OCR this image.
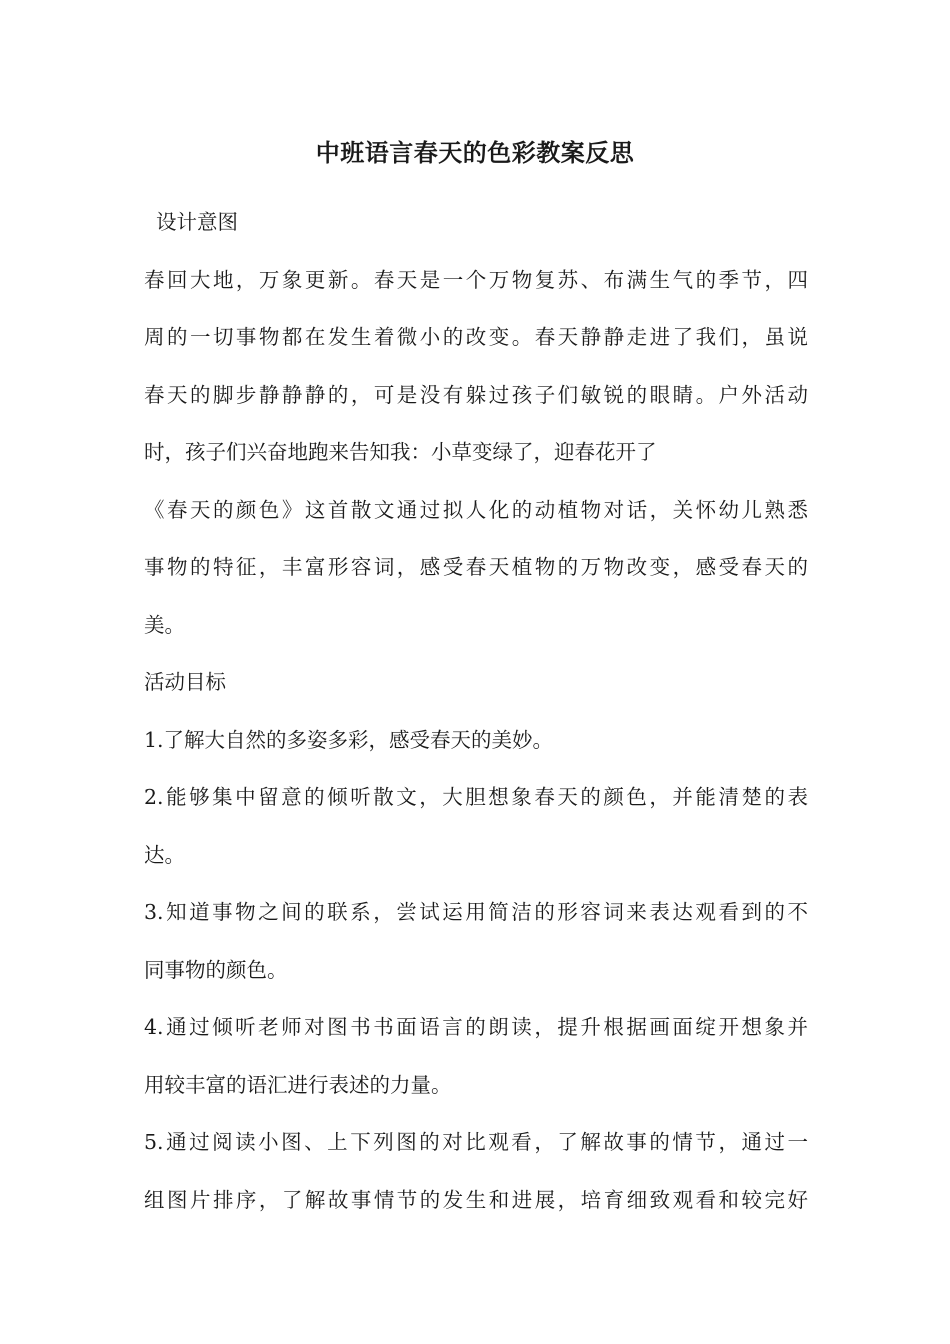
中班语言春天的色彩教案反思
设计意图
春回大地，万象更新。春天是一个万物复苏、布满生气的季节，四
周的一切事物都在发生着微小的改变。春天静静走进了我们，虽说
春天的脚步静静静的，可是没有躲过孩子们敏锐的眼睛。户外活动
时，孩子们兴奋地跑来告知我：小草变绿了，迎春花开了
《春天的颜色》这首散文通过拟人化的动植物对话，关怀幼儿熟悉
事物的特征，丰富形容词，感受春天植物的万物改变，感受春天的
美。
活动目标
1.了解大自然的多姿多彩，感受春天的美妙。
2.能够集中留意的倾听散文，大胆想象春天的颜色，并能清楚的表
达。
3.知道事物之间的联系，尝试运用简洁的形容词来表达观看到的不
同事物的颜色。
4.通过倾听老师对图书书面语言的朗读，提升根据画面绽开想象并
用较丰富的语汇进行表述的力量。
5.通过阅读小图、上下列图的对比观看，了解故事的情节，通过一
组图片排序，了解故事情节的发生和进展，培育细致观看和较完好
